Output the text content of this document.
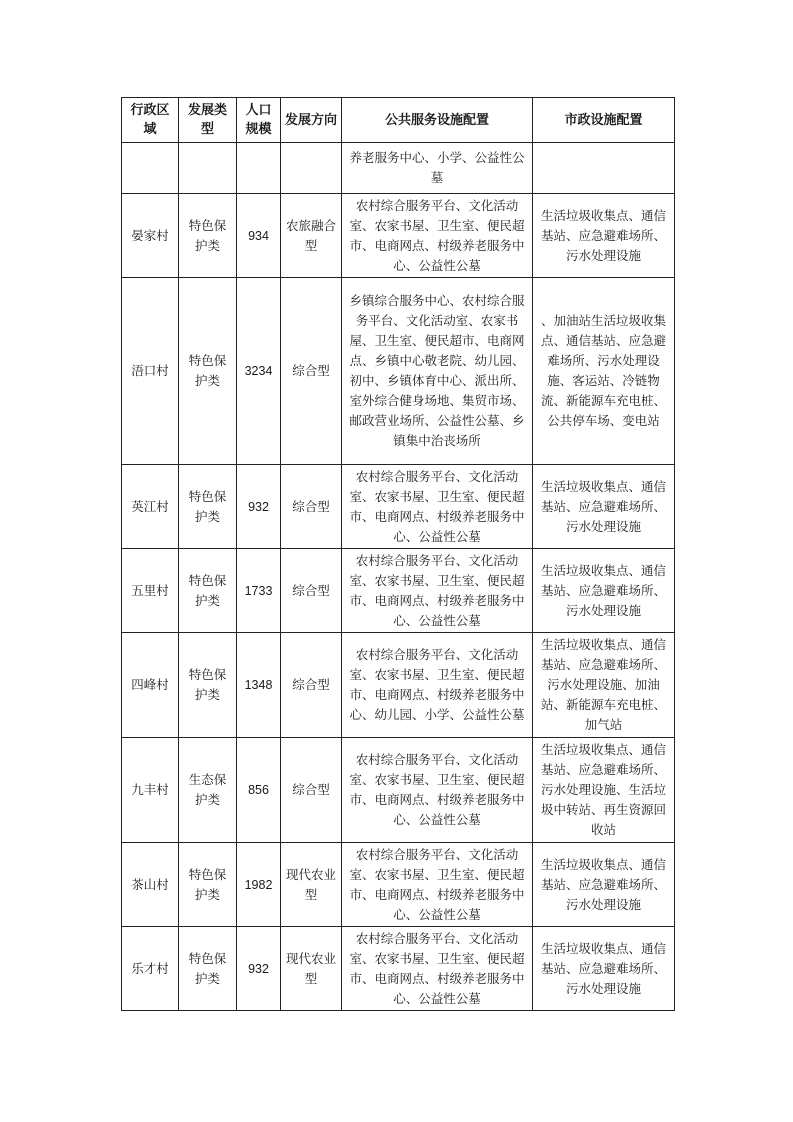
行政区域	发展类型	人口规模	发展方向	公共服务设施配置	市政设施配置
				养老服务中心、小学、公益性公墓	
晏家村	特色保护类	934	农旅融合型	农村综合服务平台、文化活动室、农家书屋、卫生室、便民超市、电商网点、村级养老服务中心、公益性公墓	生活垃圾收集点、通信基站、应急避难场所、污水处理设施
浯口村	特色保护类	3234	综合型	乡镇综合服务中心、农村综合服务平台、文化活动室、农家书屋、卫生室、便民超市、电商网点、乡镇中心敬老院、幼儿园、初中、乡镇体育中心、派出所、室外综合健身场地、集贸市场、邮政营业场所、公益性公墓、乡镇集中治丧场所	、加油站生活垃圾收集点、通信基站、应急避难场所、污水处理设施、客运站、冷链物流、新能源车充电桩、公共停车场、变电站
英江村	特色保护类	932	综合型	农村综合服务平台、文化活动室、农家书屋、卫生室、便民超市、电商网点、村级养老服务中心、公益性公墓	生活垃圾收集点、通信基站、应急避难场所、污水处理设施
五里村	特色保护类	1733	综合型	农村综合服务平台、文化活动室、农家书屋、卫生室、便民超市、电商网点、村级养老服务中心、公益性公墓	生活垃圾收集点、通信基站、应急避难场所、污水处理设施
四峰村	特色保护类	1348	综合型	农村综合服务平台、文化活动室、农家书屋、卫生室、便民超市、电商网点、村级养老服务中心、幼儿园、小学、公益性公墓	生活垃圾收集点、通信基站、应急避难场所、污水处理设施、加油站、新能源车充电桩、加气站
九丰村	生态保护类	856	综合型	农村综合服务平台、文化活动室、农家书屋、卫生室、便民超市、电商网点、村级养老服务中心、公益性公墓	生活垃圾收集点、通信基站、应急避难场所、污水处理设施、生活垃圾中转站、再生资源回收站
茶山村	特色保护类	1982	现代农业型	农村综合服务平台、文化活动室、农家书屋、卫生室、便民超市、电商网点、村级养老服务中心、公益性公墓	生活垃圾收集点、通信基站、应急避难场所、污水处理设施
乐才村	特色保护类	932	现代农业型	农村综合服务平台、文化活动室、农家书屋、卫生室、便民超市、电商网点、村级养老服务中心、公益性公墓	生活垃圾收集点、通信基站、应急避难场所、污水处理设施
